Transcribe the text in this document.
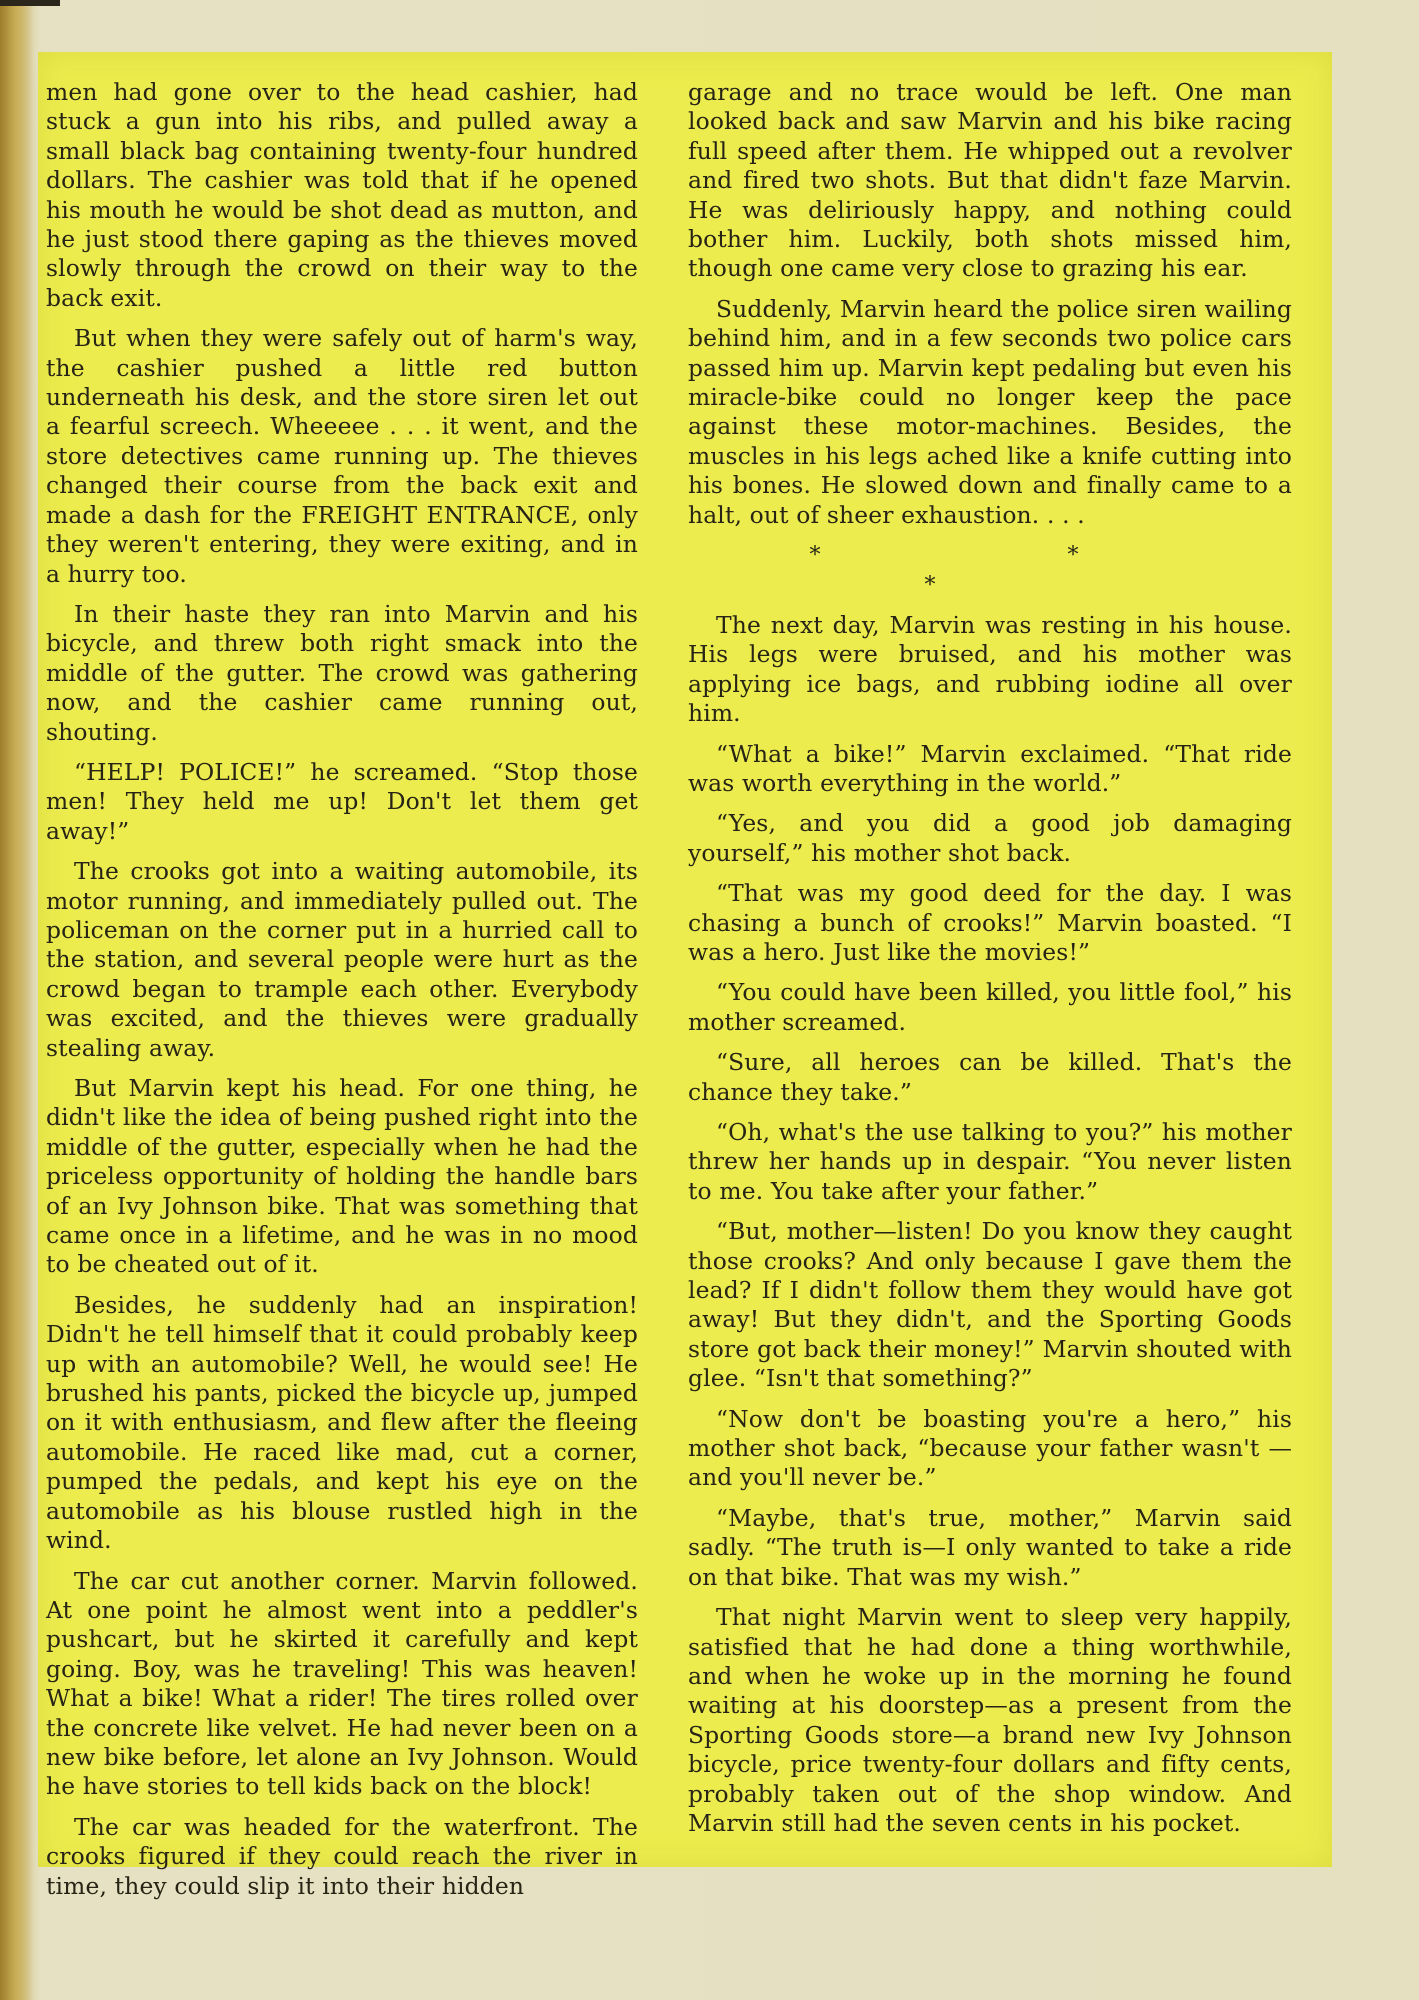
men had gone over to the head cashier, had stuck a gun into his ribs, and pulled away a small black bag containing twenty-four hundred dollars. The cashier was told that if he opened his mouth he would be shot dead as mutton, and he just stood there gaping as the thieves moved slowly through the crowd on their way to the back exit.

But when they were safely out of harm's way, the cashier pushed a little red button underneath his desk, and the store siren let out a fearful screech. Wheeeee . . . it went, and the store detectives came running up. The thieves changed their course from the back exit and made a dash for the FREIGHT ENTRANCE, only they weren't entering, they were exiting, and in a hurry too.

In their haste they ran into Marvin and his bicycle, and threw both right smack into the middle of the gutter. The crowd was gathering now, and the cashier came running out, shouting.

“HELP! POLICE!” he screamed. “Stop those men! They held me up! Don't let them get away!”

The crooks got into a waiting automobile, its motor running, and immediately pulled out. The policeman on the corner put in a hurried call to the station, and several people were hurt as the crowd began to trample each other. Everybody was excited, and the thieves were gradually stealing away.

But Marvin kept his head. For one thing, he didn't like the idea of being pushed right into the middle of the gutter, especially when he had the priceless opportunity of holding the handle bars of an Ivy Johnson bike. That was something that came once in a lifetime, and he was in no mood to be cheated out of it.

Besides, he suddenly had an inspiration! Didn't he tell himself that it could probably keep up with an automobile? Well, he would see! He brushed his pants, picked the bicycle up, jumped on it with enthusiasm, and flew after the fleeing automobile. He raced like mad, cut a corner, pumped the pedals, and kept his eye on the automobile as his blouse rustled high in the wind.

The car cut another corner. Marvin followed. At one point he almost went into a peddler's pushcart, but he skirted it carefully and kept going. Boy, was he traveling! This was heaven! What a bike! What a rider! The tires rolled over the concrete like velvet. He had never been on a new bike before, let alone an Ivy Johnson. Would he have stories to tell kids back on the block!

The car was headed for the waterfront. The crooks figured if they could reach the river in time, they could slip it into their hidden

garage and no trace would be left. One man looked back and saw Marvin and his bike racing full speed after them. He whipped out a revolver and fired two shots. But that didn't faze Marvin. He was deliriously happy, and nothing could bother him. Luckily, both shots missed him, though one came very close to grazing his ear.

Suddenly, Marvin heard the police siren wailing behind him, and in a few seconds two police cars passed him up. Marvin kept pedaling but even his miracle-bike could no longer keep the pace against these motor-machines. Besides, the muscles in his legs ached like a knife cutting into his bones. He slowed down and finally came to a halt, out of sheer exhaustion. . . .

* * *

The next day, Marvin was resting in his house. His legs were bruised, and his mother was applying ice bags, and rubbing iodine all over him.

“What a bike!” Marvin exclaimed. “That ride was worth everything in the world.”

“Yes, and you did a good job damaging yourself,” his mother shot back.

“That was my good deed for the day. I was chasing a bunch of crooks!” Marvin boasted. “I was a hero. Just like the movies!”

“You could have been killed, you little fool,” his mother screamed.

“Sure, all heroes can be killed. That's the chance they take.”

“Oh, what's the use talking to you?” his mother threw her hands up in despair. “You never listen to me. You take after your father.”

“But, mother—listen! Do you know they caught those crooks? And only because I gave them the lead? If I didn't follow them they would have got away! But they didn't, and the Sporting Goods store got back their money!” Marvin shouted with glee. “Isn't that something?”

“Now don't be boasting you're a hero,” his mother shot back, “because your father wasn't —and you'll never be.”

“Maybe, that's true, mother,” Marvin said sadly. “The truth is—I only wanted to take a ride on that bike. That was my wish.”

That night Marvin went to sleep very happily, satisfied that he had done a thing worthwhile, and when he woke up in the morning he found waiting at his doorstep—as a present from the Sporting Goods store—a brand new Ivy Johnson bicycle, price twenty-four dollars and fifty cents, probably taken out of the shop window. And Marvin still had the seven cents in his pocket.
